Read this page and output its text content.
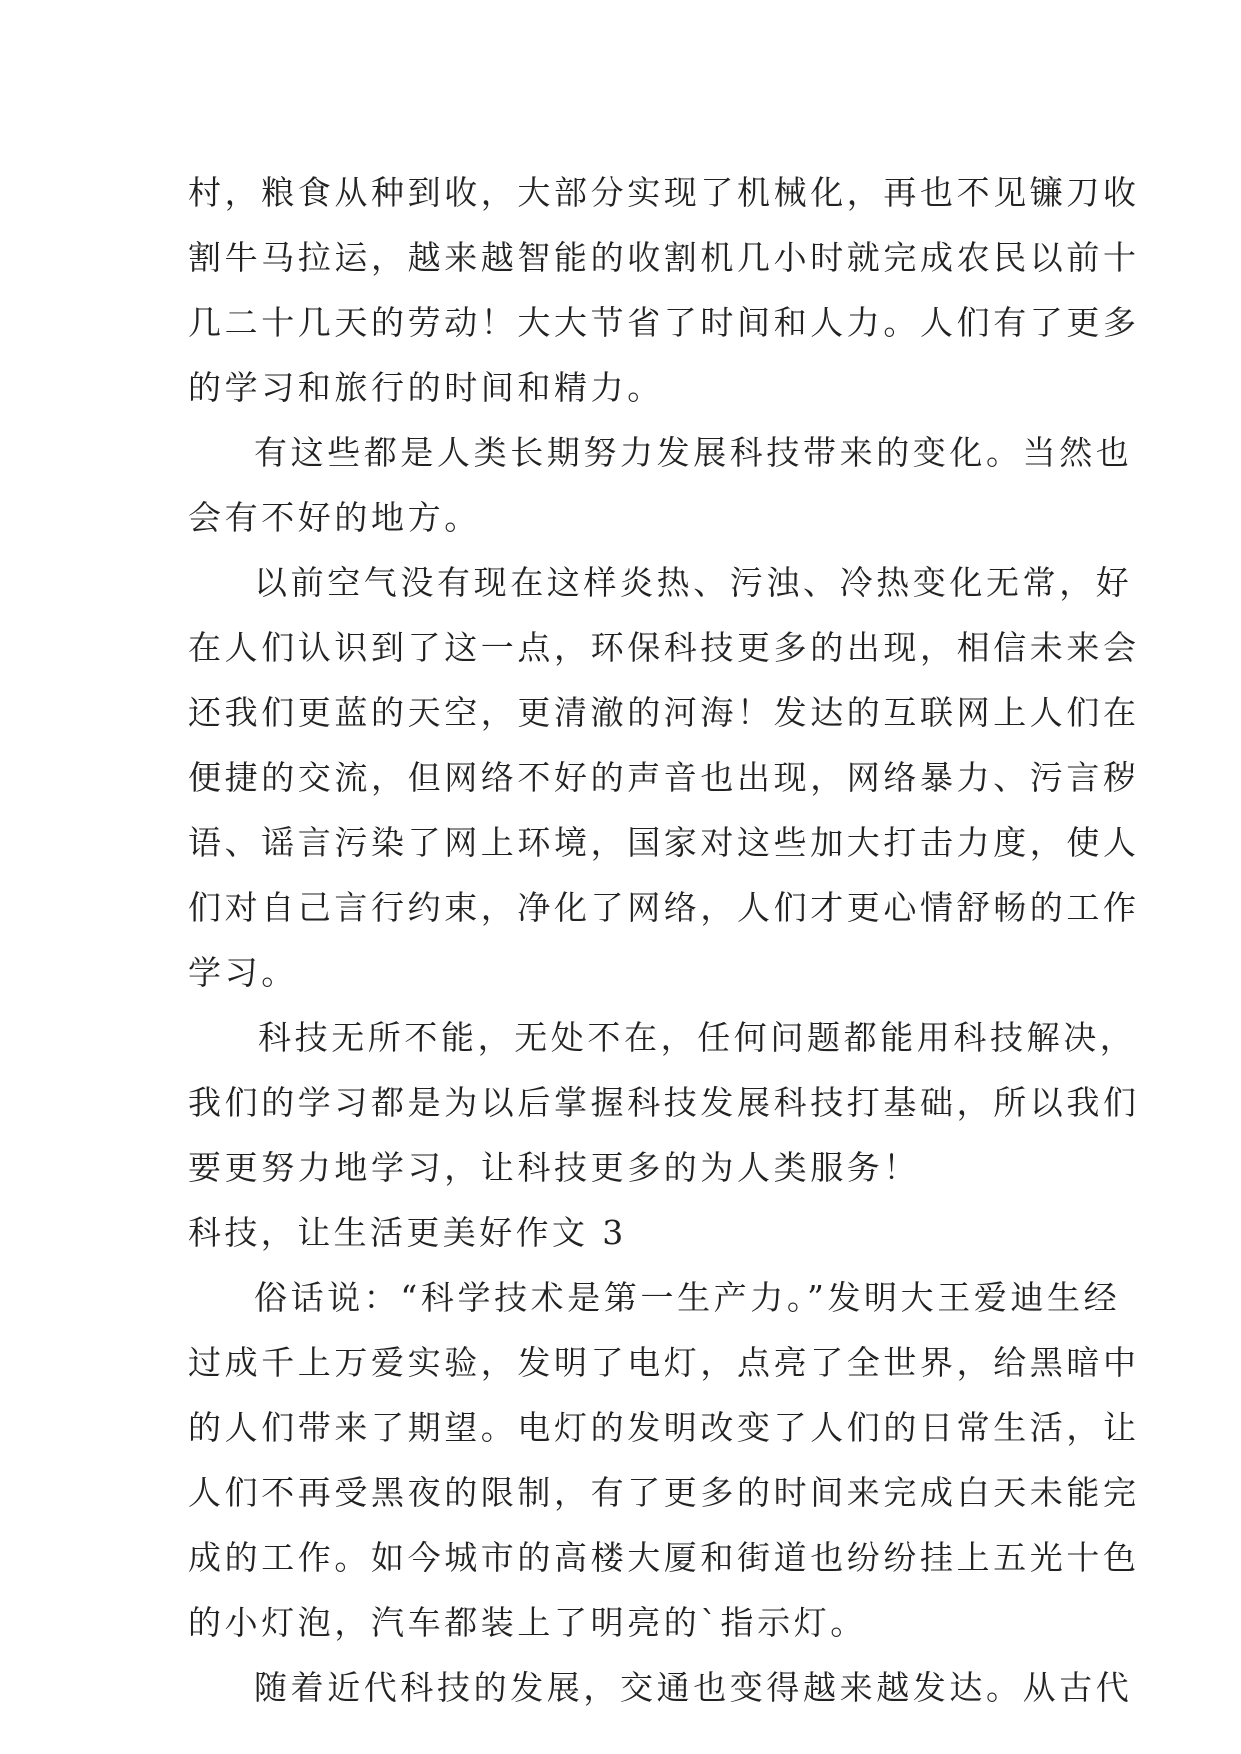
村，粮食从种到收，大部分实现了机械化，再也不见镰刀收
割牛马拉运，越来越智能的收割机几小时就完成农民以前十
几二十几天的劳动！大大节省了时间和人力。人们有了更多
的学习和旅行的时间和精力。
有这些都是人类长期努力发展科技带来的变化。当然也
会有不好的地方。
以前空气没有现在这样炎热、污浊、冷热变化无常，好
在人们认识到了这一点，环保科技更多的出现，相信未来会
还我们更蓝的天空，更清澈的河海！发达的互联网上人们在
便捷的交流，但网络不好的声音也出现，网络暴力、污言秽
语、谣言污染了网上环境，国家对这些加大打击力度，使人
们对自己言行约束，净化了网络，人们才更心情舒畅的工作
学习。
科技无所不能，无处不在，任何问题都能用科技解决，
我们的学习都是为以后掌握科技发展科技打基础，所以我们
要更努力地学习，让科技更多的为人类服务！
科技，让生活更美好作文 3
俗话说：“科学技术是第一生产力。”发明大王爱迪生经
过成千上万爱实验，发明了电灯，点亮了全世界，给黑暗中
的人们带来了期望。电灯的发明改变了人们的日常生活，让
人们不再受黑夜的限制，有了更多的时间来完成白天未能完
成的工作。如今城市的高楼大厦和街道也纷纷挂上五光十色
的小灯泡，汽车都装上了明亮的`指示灯。
随着近代科技的发展，交通也变得越来越发达。从古代
